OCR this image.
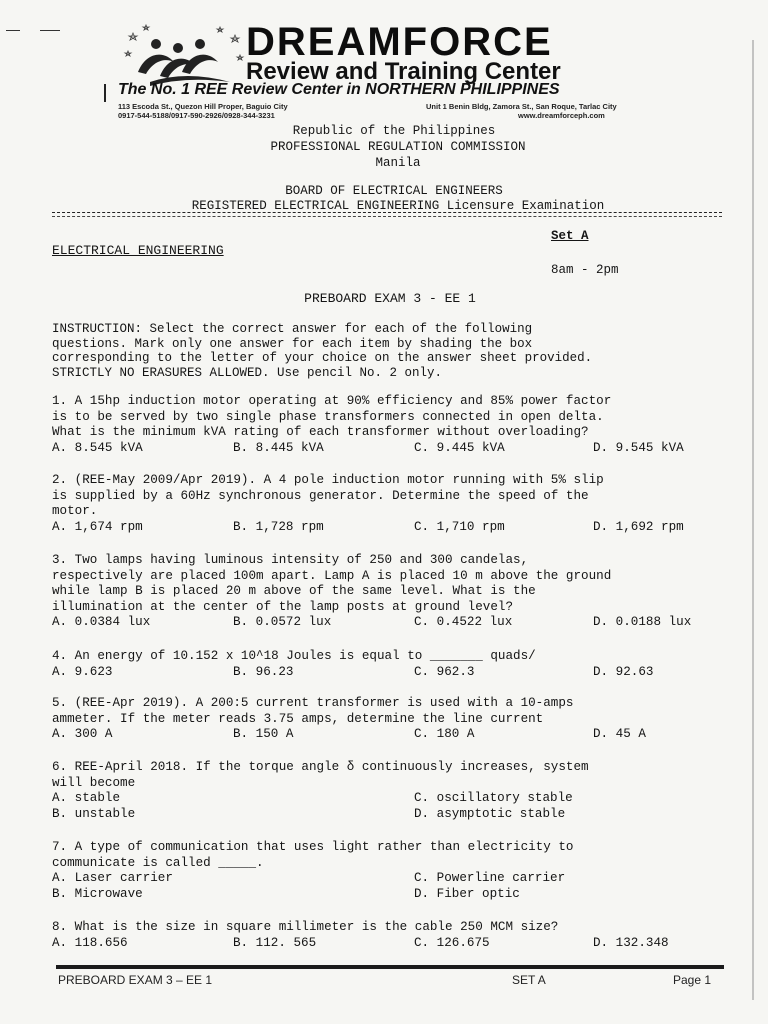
DREAMFORCE
Review and Training Center
The No. 1 REE Review Center in NORTHERN PHILIPPINES
113 Escoda St., Quezon Hill Proper, Baguio City
0917-544-5188/0917-590-2926/0928-344-3231
Unit 1 Benin Bldg, Zamora St., San Roque, Tarlac City
www.dreamforceph.com
Republic of the Philippines
PROFESSIONAL REGULATION COMMISSION
Manila
BOARD OF ELECTRICAL ENGINEERS
REGISTERED ELECTRICAL ENGINEERING Licensure Examination
Set A
ELECTRICAL ENGINEERING
8am - 2pm
PREBOARD EXAM 3 - EE 1
INSTRUCTION: Select the correct answer for each of the following
questions. Mark only one answer for each item by shading the box
corresponding to the letter of your choice on the answer sheet provided.
STRICTLY NO ERASURES ALLOWED. Use pencil No. 2 only.

1. A 15hp induction motor operating at 90% efficiency and 85% power factor
is to be served by two single phase transformers connected in open delta.
What is the minimum kVA rating of each transformer without overloading?

A. 8.545 kVA	B. 8.445 kVA	C. 9.445 kVA	D. 9.545 kVA

2. (REE-May 2009/Apr 2019). A 4 pole induction motor running with 5% slip
is supplied by a 60Hz synchronous generator. Determine the speed of the
motor.

A. 1,674 rpm	B. 1,728 rpm	C. 1,710 rpm	D. 1,692 rpm

3. Two lamps having luminous intensity of 250 and 300 candelas,
respectively are placed 100m apart. Lamp A is placed 10 m above the ground
while lamp B is placed 20 m above of the same level. What is the
illumination at the center of the lamp posts at ground level?

A. 0.0384 lux	B. 0.0572 lux	C. 0.4522 lux	D. 0.0188 lux

4. An energy of 10.152 x 10^18 Joules is equal to _______ quads/

A. 9.623	B. 96.23	C. 962.3	D. 92.63

5. (REE-Apr 2019). A 200:5 current transformer is used with a 10-amps
ammeter. If the meter reads 3.75 amps, determine the line current

A. 300 A	B. 150 A	C. 180 A	D. 45 A

6. REE-April 2018. If the torque angle δ continuously increases, system
will become

A. stable	C. oscillatory stable
B. unstable	D. asymptotic stable

7. A type of communication that uses light rather than electricity to
communicate is called _____.

A. Laser carrier	C. Powerline carrier
B. Microwave	D. Fiber optic

8. What is the size in square millimeter is the cable 250 MCM size?

A. 118.656	B. 112. 565	C. 126.675	D. 132.348
PREBOARD EXAM 3 – EE 1	SET A	Page 1
